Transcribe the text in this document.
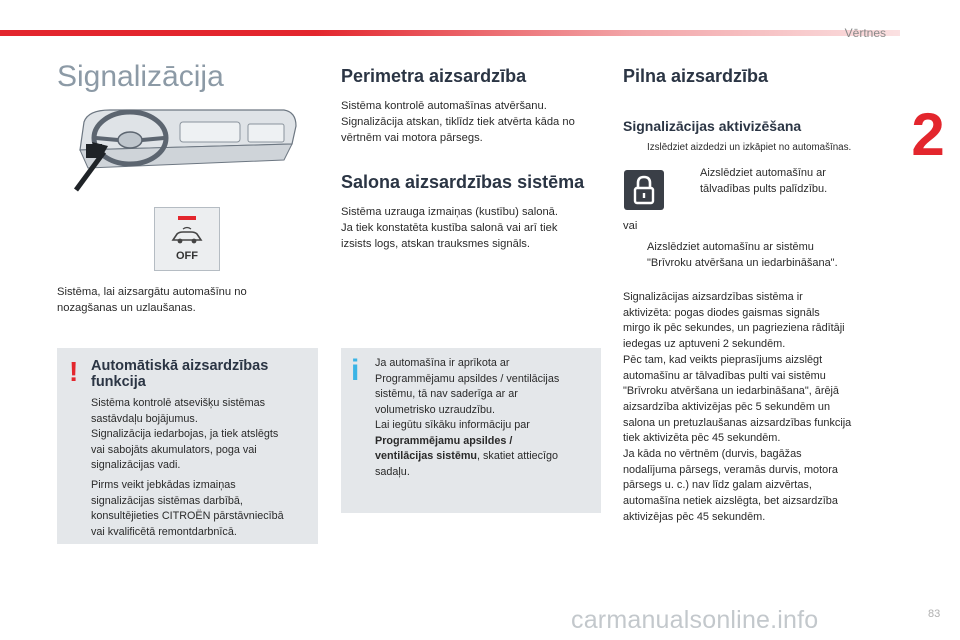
Vērtnes
2
Signalizācija
OFF
Sistēma, lai aizsargātu automašīnu no
nozagšanas un uzlaušanas.
! Automātiskā aizsardzības funkcija
Sistēma kontrolē atsevišķu sistēmas
sastāvdaļu bojājumus.
Signalizācija iedarbojas, ja tiek atslēgts
vai sabojāts akumulators, poga vai
signalizācijas vadi.
Pirms veikt jebkādas izmaiņas
signalizācijas sistēmas darbībā,
konsultējieties CITROËN pārstāvniecībā
vai kvalificētā remontdarbnīcā.
Perimetra aizsardzība
Sistēma kontrolē automašīnas atvēršanu.
Signalizācija atskan, tiklīdz tiek atvērta kāda no
vērtnēm vai motora pārsegs.
Salona aizsardzības sistēma
Sistēma uzrauga izmaiņas (kustību) salonā.
Ja tiek konstatēta kustība salonā vai arī tiek
izsists logs, atskan trauksmes signāls.
i Ja automašīna ir aprīkota ar
Programmējamu apsildes / ventilācijas
sistēmu, tā nav saderīga ar ar
volumetrisko uzraudzību.
Lai iegūtu sīkāku informāciju par
Programmējamu apsildes /
ventilācijas sistēmu, skatiet attiecīgo
sadaļu.
Pilna aizsardzība
Signalizācijas aktivizēšana
Izslēdziet aizdedzi un izkāpiet no automašīnas.
Aizslēdziet automašīnu ar
tālvadības pults palīdzību.
vai
Aizslēdziet automašīnu ar sistēmu
"Brīvroku atvēršana un iedarbināšana".
Signalizācijas aizsardzības sistēma ir
aktivizēta: pogas diodes gaismas signāls
mirgo ik pēc sekundes, un pagrieziena rādītāji
iedegas uz aptuveni 2 sekundēm.
Pēc tam, kad veikts pieprasījums aizslēgt
automašīnu ar tālvadības pulti vai sistēmu
"Brīvroku atvēršana un iedarbināšana", ārējā
aizsardzība aktivizējas pēc 5 sekundēm un
salona un pretuzlaušanas aizsardzības funkcija
tiek aktivizēta pēc 45 sekundēm.
Ja kāda no vērtnēm (durvis, bagāžas
nodalījuma pārsegs, veramās durvis, motora
pārsegs u. c.) nav līdz galam aizvērtas,
automašīna netiek aizslēgta, bet aizsardzība
aktivizējas pēc 45 sekundēm.
carmanualsonline.info	83
